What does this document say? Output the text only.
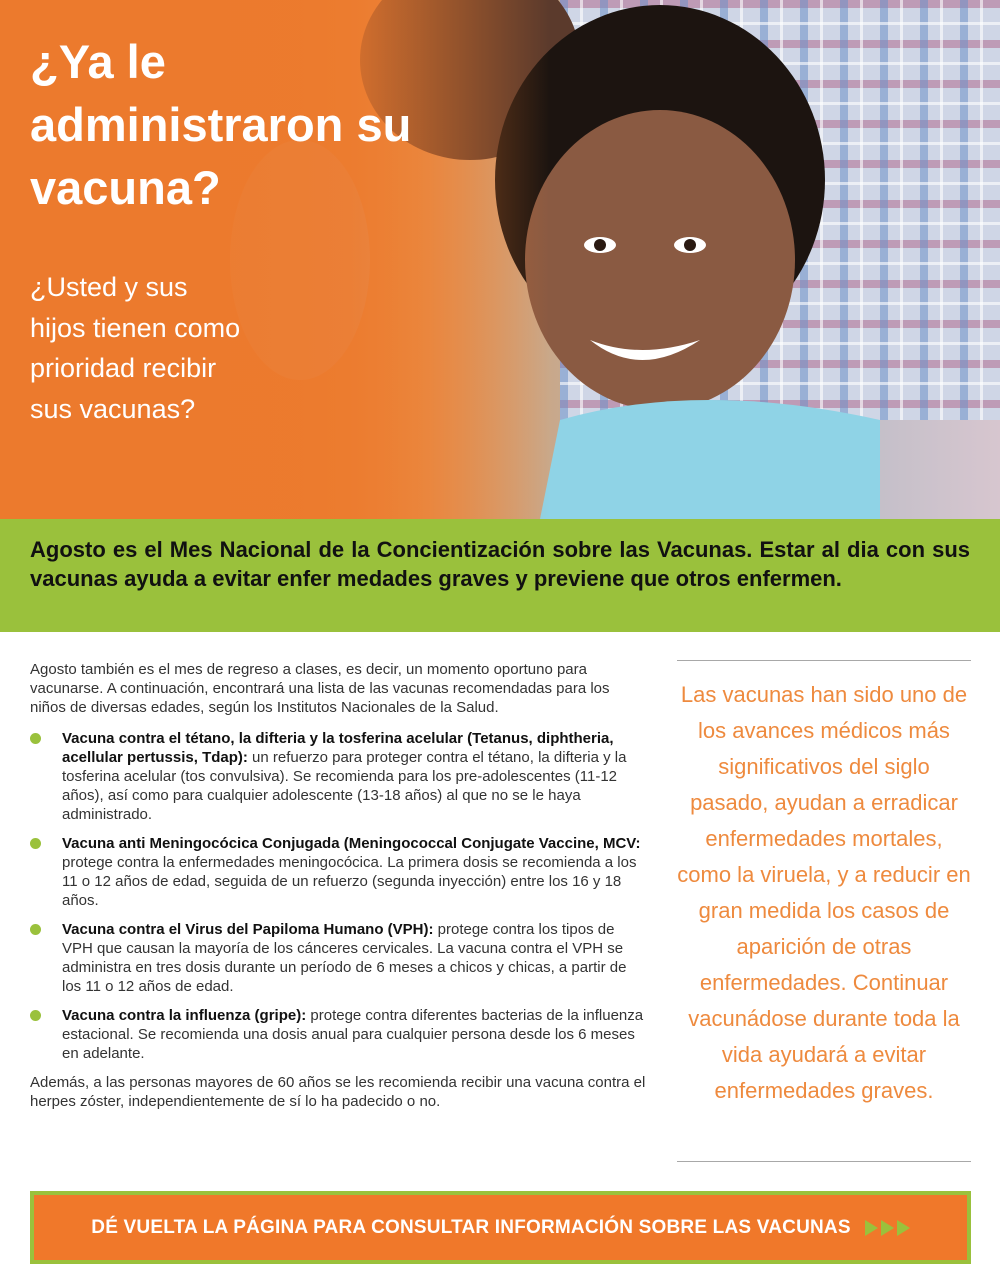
¿Ya le administraron su vacuna?
¿Usted y sus hijos tienen como prioridad recibir sus vacunas?

Agosto es el Mes Nacional de la Concientización sobre las Vacunas. Estar al dia con sus vacunas ayuda a evitar enfer medades graves y previene que otros enfermen.

Agosto también es el mes de regreso a clases, es decir, un momento oportuno para vacunarse. A continuación, encontrará una lista de las vacunas recomendadas para los niños de diversas edades, según los Institutos Nacionales de la Salud.

Vacuna contra el tétano, la difteria y la tosferina acelular (Tetanus, diphtheria, acellular pertussis, Tdap): un refuerzo para proteger contra el tétano, la difteria y la tosferina acelular (tos convulsiva). Se recomienda para los pre-adolescentes (11-12 años), así como para cualquier adolescente (13-18 años) al que no se le haya administrado.
Vacuna anti Meningocócica Conjugada (Meningococcal Conjugate Vaccine, MCV: protege contra la enfermedades meningocócica. La primera dosis se recomienda a los 11 o 12 años de edad, seguida de un refuerzo (segunda inyección) entre los 16 y 18 años.
Vacuna contra el Virus del Papiloma Humano (VPH): protege contra los tipos de VPH que causan la mayoría de los cánceres cervicales. La vacuna contra el VPH se administra en tres dosis durante un período de 6 meses a chicos y chicas, a partir de los 11 o 12 años de edad.
Vacuna contra la influenza (gripe): protege contra diferentes bacterias de la influenza estacional. Se recomienda una dosis anual para cualquier persona desde los 6 meses en adelante.

Además, a las personas mayores de 60 años se les recomienda recibir una vacuna contra el herpes zóster, independientemente de sí lo ha padecido o no.

Las vacunas han sido uno de los avances médicos más significativos del siglo pasado, ayudan a erradicar enfermedades mortales, como la viruela, y a reducir en gran medida los casos de aparición de otras enfermedades. Continuar vacunádose durante toda la vida ayudará a evitar enfermedades graves.

DÉ VUELTA LA PÁGINA PARA CONSULTAR INFORMACIÓN SOBRE LAS VACUNAS
